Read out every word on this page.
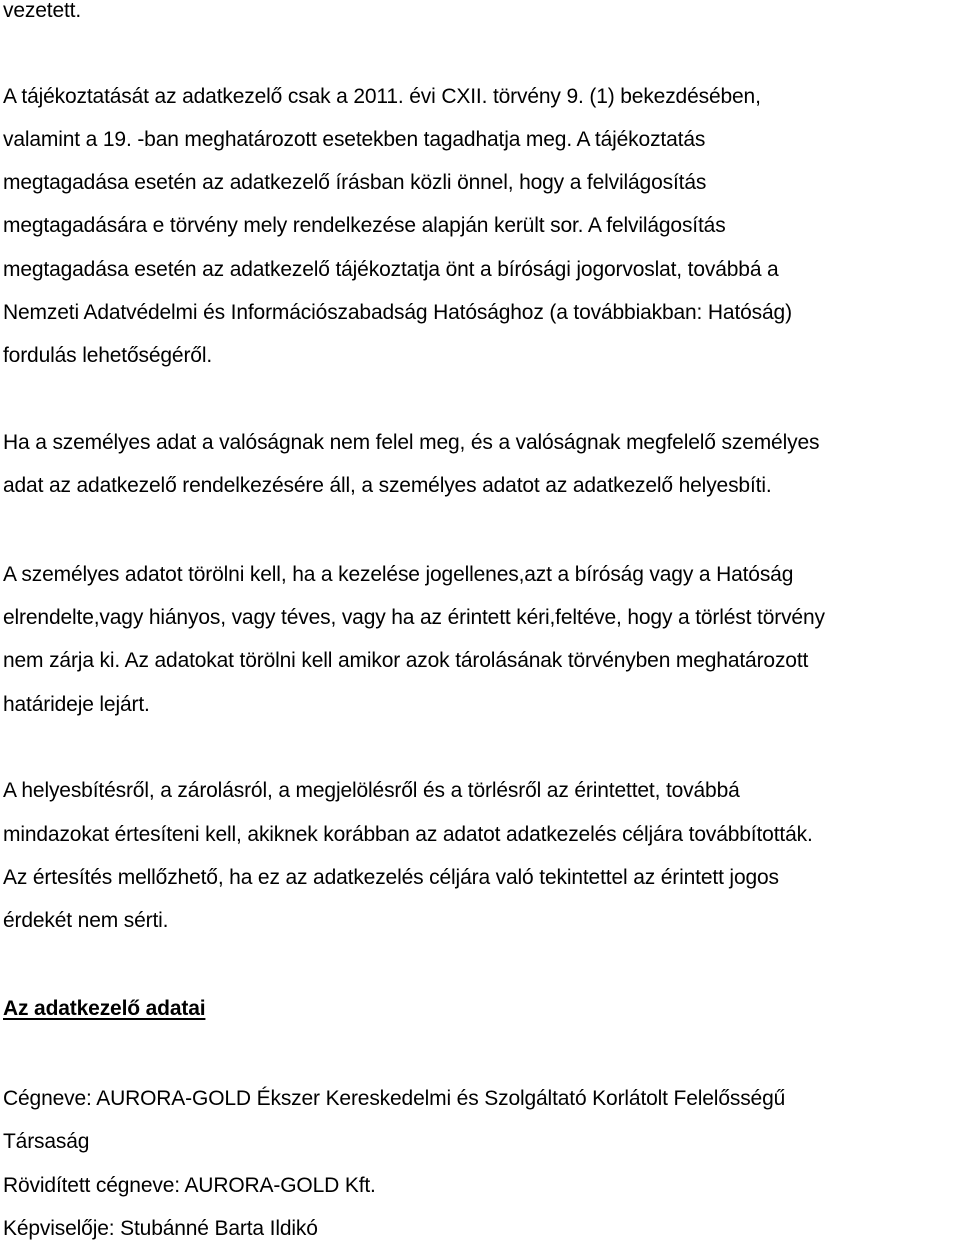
vezetett.
A tájékoztatását az adatkezelő csak a 2011. évi CXII. törvény 9. (1) bekezdésében,
valamint a 19. -ban meghatározott esetekben tagadhatja meg. A tájékoztatás
megtagadása esetén az adatkezelő írásban közli önnel, hogy a felvilágosítás
megtagadására e törvény mely rendelkezése alapján került sor. A felvilágosítás
megtagadása esetén az adatkezelő tájékoztatja önt a bírósági jogorvoslat, továbbá a
Nemzeti Adatvédelmi és Információszabadság Hatósághoz (a továbbiakban: Hatóság)
fordulás lehetőségéről.
Ha a személyes adat a valóságnak nem felel meg, és a valóságnak megfelelő személyes
adat az adatkezelő rendelkezésére áll, a személyes adatot az adatkezelő helyesbíti.
A személyes adatot törölni kell, ha a kezelése jogellenes,azt a bíróság vagy a Hatóság
elrendelte,vagy hiányos, vagy téves, vagy ha az érintett kéri,feltéve, hogy a törlést törvény
nem zárja ki. Az adatokat törölni kell amikor azok tárolásának törvényben meghatározott
határideje lejárt.
A helyesbítésről, a zárolásról, a megjelölésről és a törlésről az érintettet, továbbá
mindazokat értesíteni kell, akiknek korábban az adatot adatkezelés céljára továbbították.
Az értesítés mellőzhető, ha ez az adatkezelés céljára való tekintettel az érintett jogos
érdekét nem sérti.
Az adatkezelő adatai
Cégneve: AURORA-GOLD Ékszer Kereskedelmi és Szolgáltató Korlátolt Felelősségű
Társaság
Rövidített cégneve: AURORA-GOLD Kft.
Képviselője: Stubánné Barta Ildikó
